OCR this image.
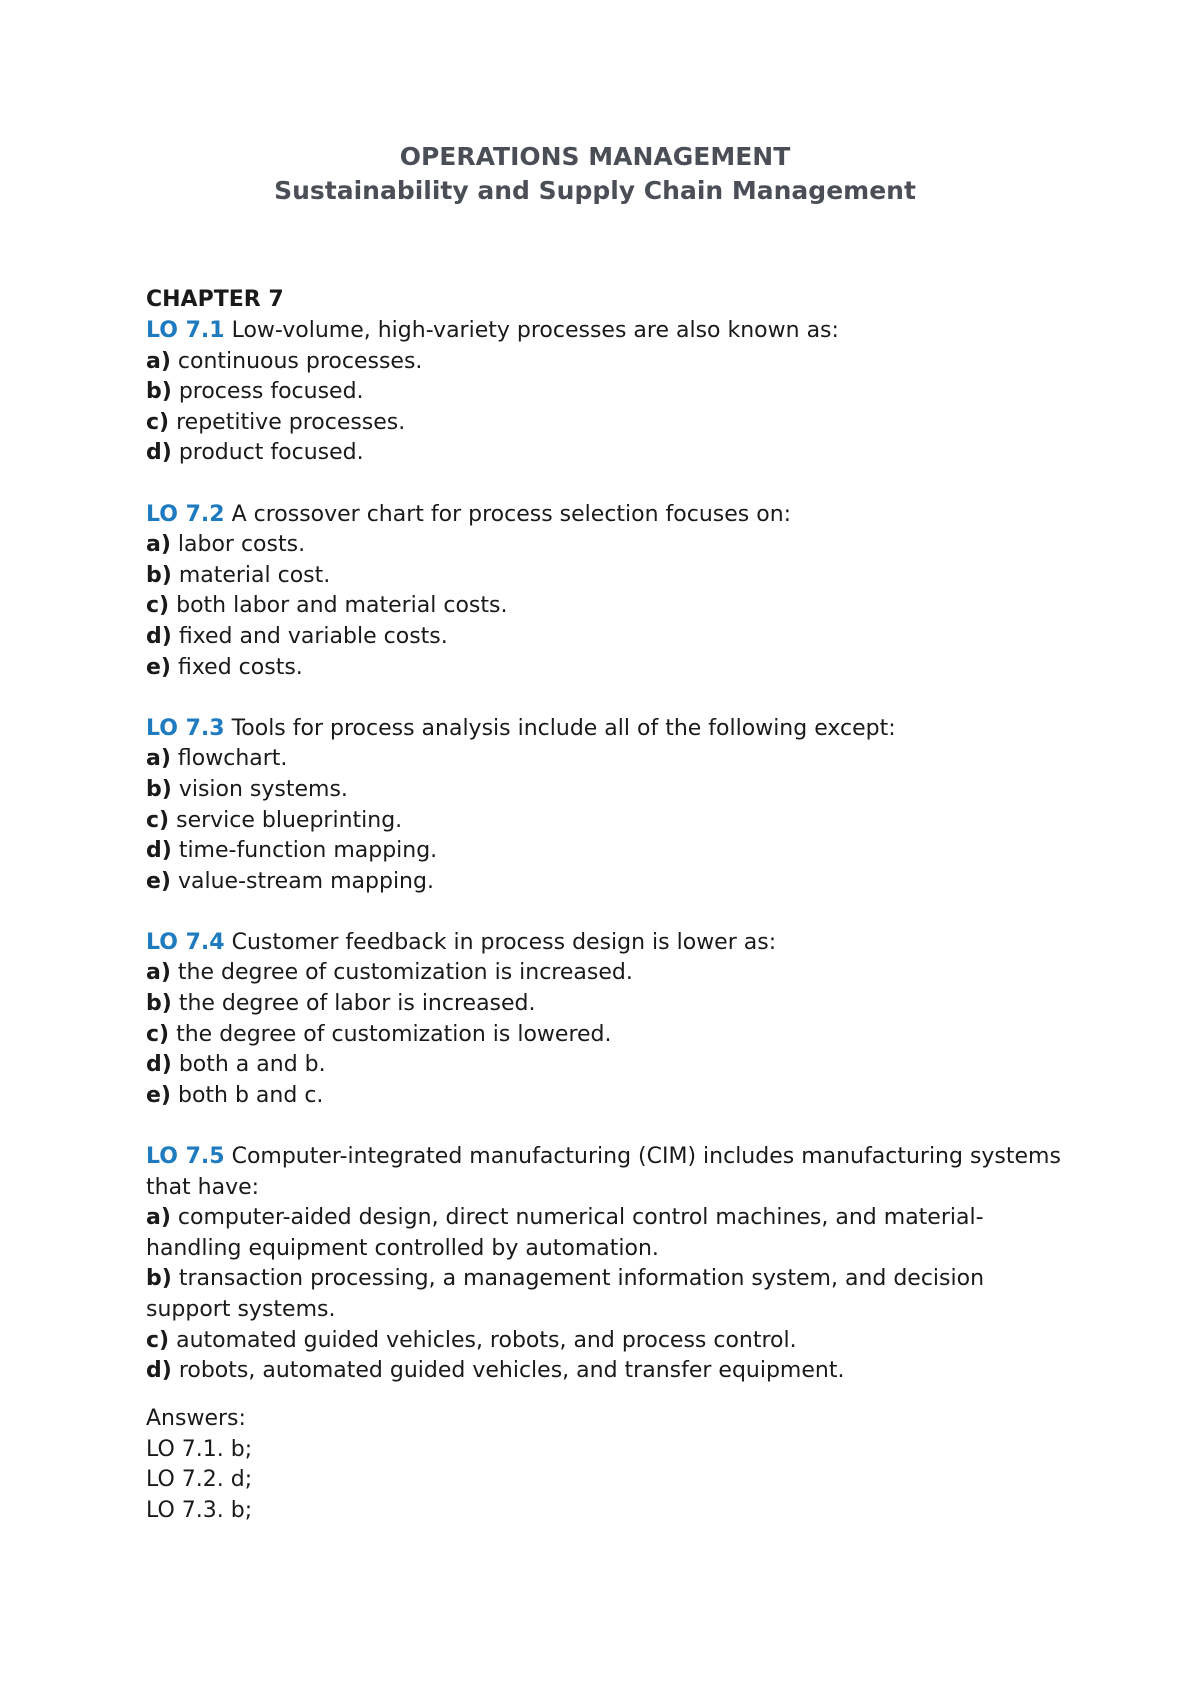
OPERATIONS MANAGEMENT
Sustainability and Supply Chain Management
CHAPTER 7
LO 7.1 Low-volume, high-variety processes are also known as:
a) continuous processes.
b) process focused.
c) repetitive processes.
d) product focused.
LO 7.2 A crossover chart for process selection focuses on:
a) labor costs.
b) material cost.
c) both labor and material costs.
d) fixed and variable costs.
e) fixed costs.
LO 7.3 Tools for process analysis include all of the following except:
a) flowchart.
b) vision systems.
c) service blueprinting.
d) time-function mapping.
e) value-stream mapping.
LO 7.4 Customer feedback in process design is lower as:
a) the degree of customization is increased.
b) the degree of labor is increased.
c) the degree of customization is lowered.
d) both a and b.
e) both b and c.
LO 7.5 Computer-integrated manufacturing (CIM) includes manufacturing systems that have:
a) computer-aided design, direct numerical control machines, and material-handling equipment controlled by automation.
b) transaction processing, a management information system, and decision support systems.
c) automated guided vehicles, robots, and process control.
d) robots, automated guided vehicles, and transfer equipment.
Answers:
LO 7.1. b;
LO 7.2. d;
LO 7.3. b;
